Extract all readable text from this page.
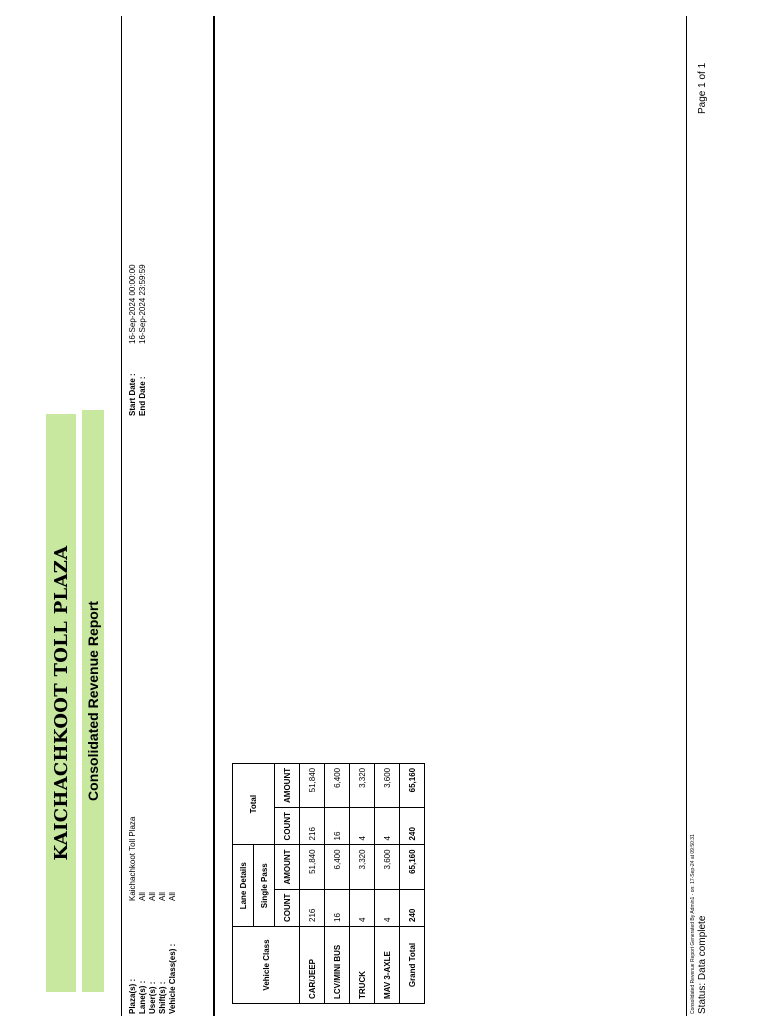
KAICHACHKOOT TOLL PLAZA Consolidated Revenue Report
Plaza(s) :
Kaichachkoot Toll Plaza
Lane(s) :
All
User(s) :
All
Shift(s) :
All
Vehicle Class(es) :
All
Start Date :
16-Sep-2024 00:00:00
End Date :
16-Sep-2024 23:59:59
Vehicle Class	Lane Details		Total	
	Single Pass			
	COUNT	AMOUNT	COUNT	AMOUNT
CAR/JEEP	216	51,840	216	51,840
LCV/MINI BUS	16	6,400	16	6,400
TRUCK	4	3,320	4	3,320
MAV 3-AXLE	4	3,600	4	3,600
Grand Total	240	65,160	240	65,160
Consolidated Revenue Report Generated By Admin1 - on: 17-Sep-24 at 09:50:31 Status: Data complete
Page 1 of 1
